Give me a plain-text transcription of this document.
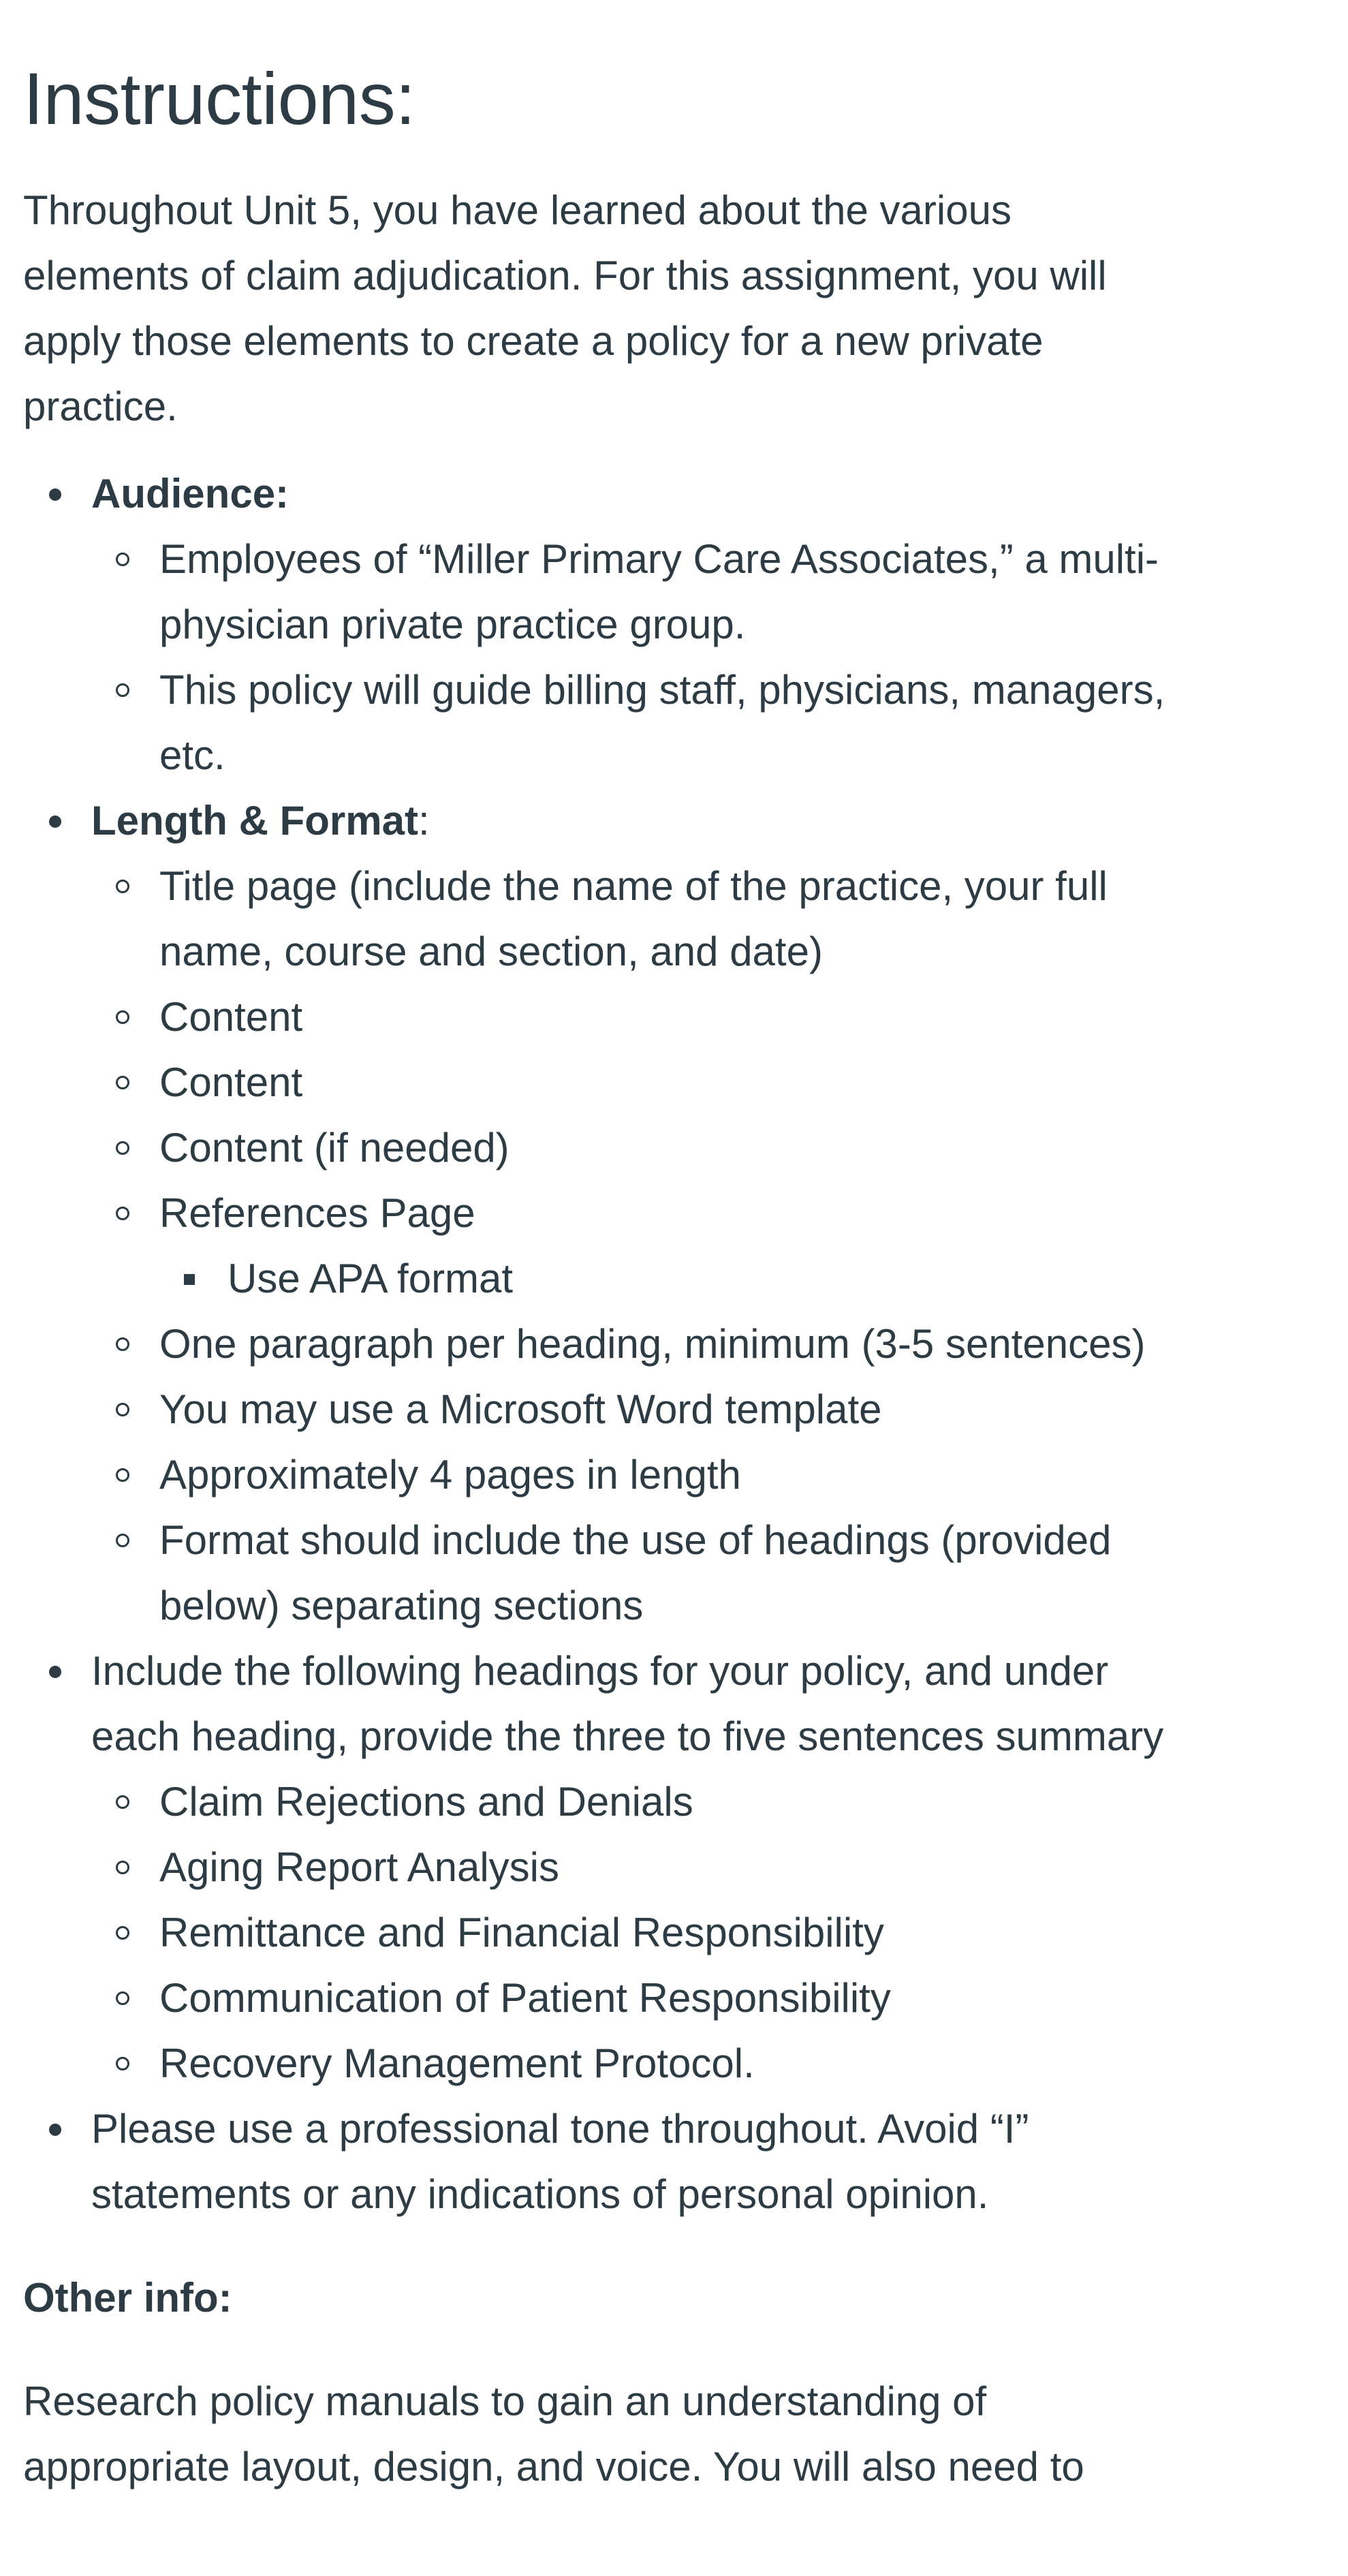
Instructions:

Throughout Unit 5, you have learned about the various elements of claim adjudication. For this assignment, you will apply those elements to create a policy for a new private practice.

Audience:
Employees of “Miller Primary Care Associates,” a multi-physician private practice group.
This policy will guide billing staff, physicians, managers, etc.
Length & Format:
Title page (include the name of the practice, your full name, course and section, and date)
Content
Content
Content (if needed)
References Page
Use APA format
One paragraph per heading, minimum (3-5 sentences)
You may use a Microsoft Word template
Approximately 4 pages in length
Format should include the use of headings (provided below) separating sections
Include the following headings for your policy, and under each heading, provide the three to five sentences summary
Claim Rejections and Denials
Aging Report Analysis
Remittance and Financial Responsibility
Communication of Patient Responsibility
Recovery Management Protocol.
Please use a professional tone throughout. Avoid “I” statements or any indications of personal opinion.

Other info:

Research policy manuals to gain an understanding of appropriate layout, design, and voice. You will also need to
